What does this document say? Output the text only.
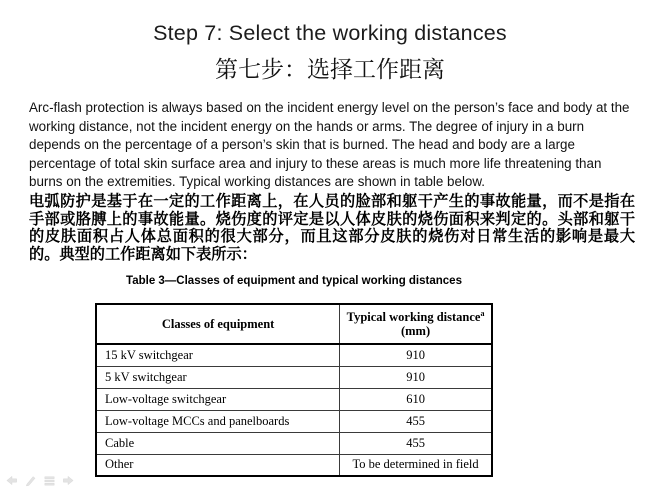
Step 7: Select the working distances
第七步：选择工作距离
Arc-flash protection is always based on the incident energy level on the person’s face and body at the working distance, not the incident energy on the hands or arms. The degree of injury in a burn depends on the percentage of a person’s skin that is burned. The head and body are a large percentage of total skin surface area and injury to these areas is much more life threatening than burns on the extremities. Typical working distances are shown in table below.
电弧防护是基于在一定的工作距离上，在人员的脸部和躯干产生的事故能量，而不是指在手部或胳膊上的事故能量。烧伤度的评定是以人体皮肤的烧伤面积来判定的。头部和躯干的皮肤面积占人体总面积的很大部分，而且这部分皮肤的烧伤对日常生活的影响是最大的。典型的工作距离如下表所示：
Table 3—Classes of equipment and typical working distances
Classes of equipment	Typical working distance$^a$
(mm)

15 kV switchgear	910
5 kV switchgear	910
Low-voltage switchgear	610
Low-voltage MCCs and panelboards	455
Cable	455
Other	To be determined in field
